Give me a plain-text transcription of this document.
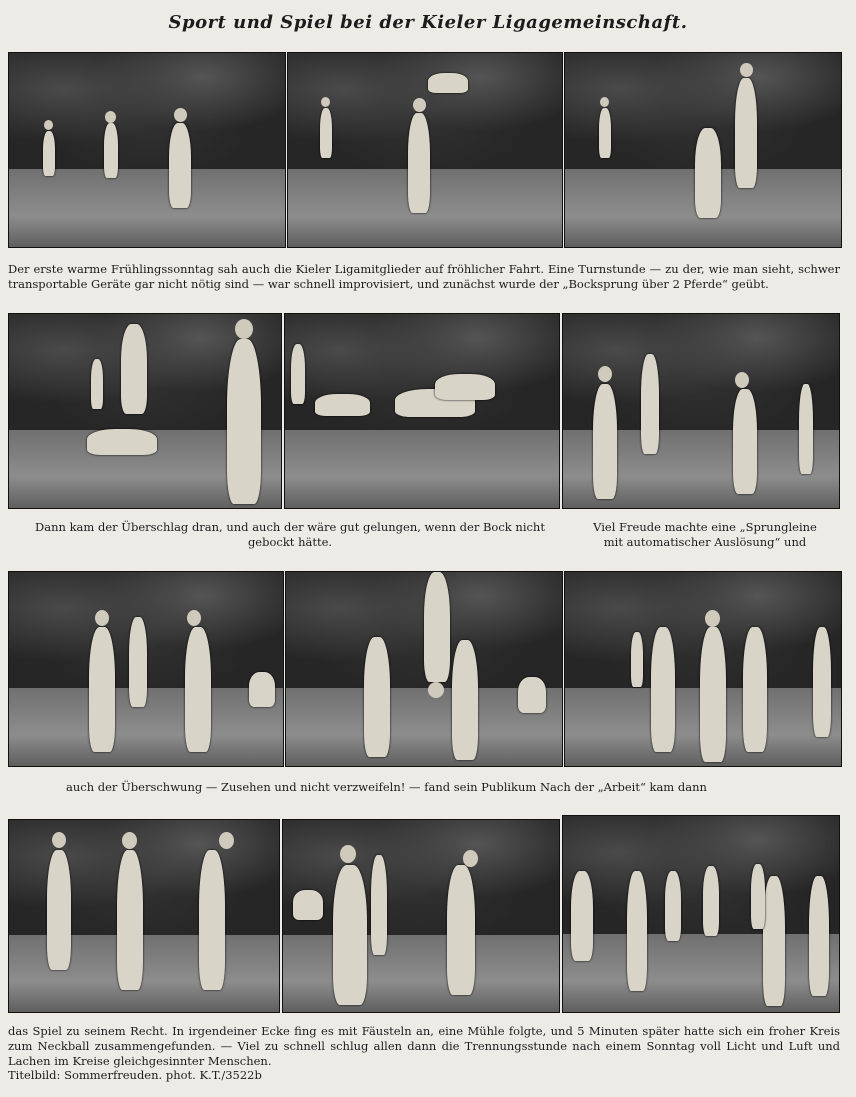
Sport und Spiel bei der Kieler Ligagemeinschaft.
Der erste warme Frühlingssonntag sah auch die Kieler Ligamitglieder auf fröhlicher Fahrt. Eine Turnstunde — zu der, wie man sieht, schwer transportable Geräte gar nicht nötig sind — war schnell improvisiert, und zunächst wurde der „Bocksprung über 2 Pferde“ geübt.
Dann kam der Überschlag dran, und auch der wäre gut gelungen, wenn der Bock nicht gebockt hätte.
Viel Freude machte eine „Sprungleine mit automatischer Auslösung“ und
auch der Überschwung — Zusehen und nicht verzweifeln! — fand sein Publikum Nach der „Arbeit“ kam dann
das Spiel zu seinem Recht. In irgendeiner Ecke fing es mit Fäusteln an, eine Mühle folgte, und 5 Minuten später hatte sich ein froher Kreis zum Neckball zusammengefunden. — Viel zu schnell schlug allen dann die Trennungsstunde nach einem Sonntag voll Licht und Luft und Lachen im Kreise gleichgesinnter Menschen.
Titelbild: Sommerfreuden. phot. K.T./3522b
